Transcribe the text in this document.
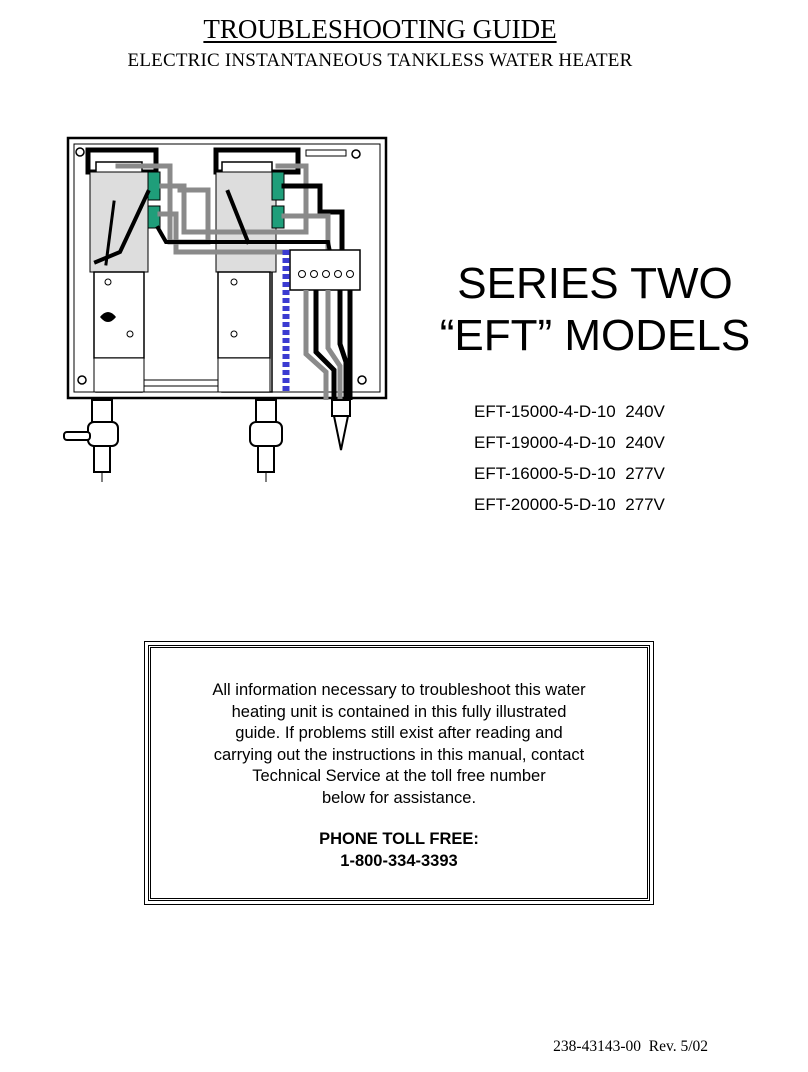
TROUBLESHOOTING GUIDE
ELECTRIC INSTANTANEOUS TANKLESS WATER HEATER
SERIES TWO
“EFT” MODELS
EFT-15000-4-D-10 240V
EFT-19000-4-D-10 240V
EFT-16000-5-D-10 277V
EFT-20000-5-D-10 277V
All information necessary to troubleshoot this water
heating unit is contained in this fully illustrated
guide. If problems still exist after reading and
carrying out the instructions in this manual, contact
Technical Service at the toll free number
below for assistance.
PHONE TOLL FREE:
1-800-334-3393
238-43143-00  Rev. 5/02
